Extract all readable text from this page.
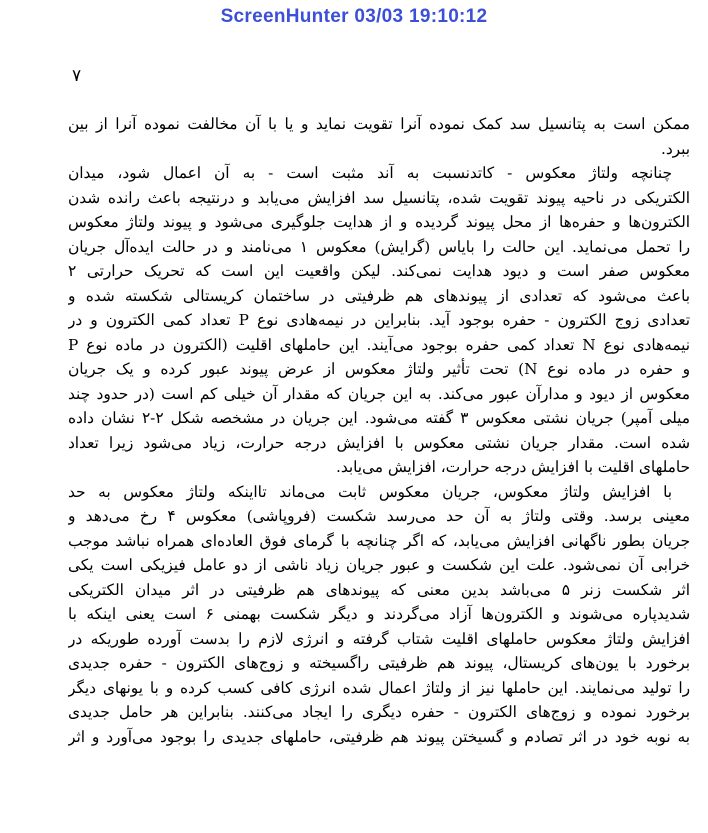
ScreenHunter 03/03 19:10:12
۷
ممکن است به پتانسیل سد کمک نموده آنرا تقویت نماید و یا با آن مخالفت نموده آنرا از بین
ببرد.
چنانچه ولتاژ معکوس - کاتدنسبت به آند مثبت است - به آن اعمال شود، میدان
الکتریکی در ناحیه پیوند تقویت شده، پتانسیل سد افزایش می‌یابد و درنتیجه باعث رانده شدن
الکترون‌ها و حفره‌ها از محل پیوند گردیده و از هدایت جلوگیری می‌شود و پیوند ولتاژ معکوس
را تحمل می‌نماید. این حالت را بایاس (گرایش) معکوس ۱ می‌نامند و در حالت ایده‌آل جریان
معکوس صفر است و دیود هدایت نمی‌کند. لیکن واقعیت این است که تحریک حرارتی ۲
باعث می‌شود که تعدادی از پیوندهای هم ظرفیتی در ساختمان کریستالی شکسته شده و
تعدادی زوج الکترون - حفره بوجود آید. بنابراین در نیمه‌هادی نوع P تعداد کمی الکترون و در
نیمه‌هادی نوع N تعداد کمی حفره بوجود می‌آیند. این حاملهای اقلیت (الکترون در ماده نوع P
و حفره در ماده نوع N) تحت تأثیر ولتاژ معکوس از عرض پیوند عبور کرده و یک جریان
معکوس از دیود و مدارآن عبور می‌کند. به این جریان که مقدار آن خیلی کم است (در حدود چند
میلی آمپر) جریان نشتی معکوس ۳ گفته می‌شود. این جریان در مشخصه شکل ۲-۲ نشان داده
شده است. مقدار جریان نشتی معکوس با افزایش درجه حرارت، زیاد می‌شود زیرا تعداد
حاملهای اقلیت با افزایش درجه حرارت، افزایش می‌یابد.
با افزایش ولتاژ معکوس، جریان معکوس ثابت می‌ماند تااینکه ولتاژ معکوس به حد
معینی برسد. وقتی ولتاژ به آن حد می‌رسد شکست (فروپاشی) معکوس ۴ رخ می‌دهد و
جریان بطور ناگهانی افزایش می‌یابد، که اگر چنانچه با گرمای فوق العاده‌ای همراه نباشد موجب
خرابی آن نمی‌شود. علت این شکست و عبور جریان زیاد ناشی از دو عامل فیزیکی است یکی
اثر شکست زنر ۵ می‌باشد بدین معنی که پیوندهای هم ظرفیتی در اثر میدان الکتریکی
شدیدپاره می‌شوند و الکترون‌ها آزاد می‌گردند و دیگر شکست بهمنی ۶ است یعنی اینکه با
افزایش ولتاژ معکوس حاملهای اقلیت شتاب گرفته و انرژی لازم را بدست آورده طوریکه در
برخورد با یون‌های کریستال، پیوند هم ظرفیتی راگسیخته و زوج‌های الکترون - حفره جدیدی
را تولید می‌نمایند. این حاملها نیز از ولتاژ اعمال شده انرژی کافی کسب کرده و با یونهای دیگر
برخورد نموده و زوج‌های الکترون - حفره دیگری را ایجاد می‌کنند. بنابراین هر حامل جدیدی
به نوبه خود در اثر تصادم و گسیختن پیوند هم ظرفیتی، حاملهای جدیدی را بوجود می‌آورد و اثر
